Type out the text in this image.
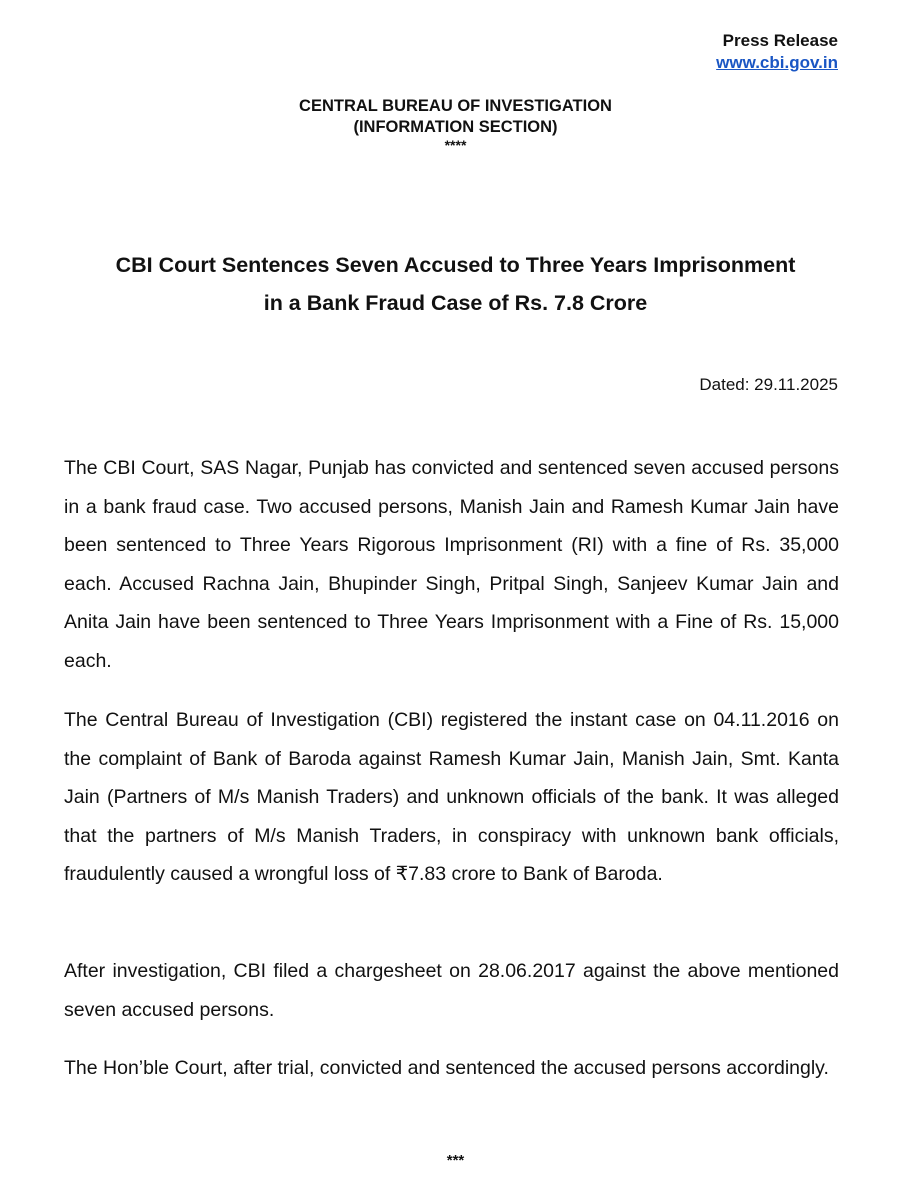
Press Release
www.cbi.gov.in
CENTRAL BUREAU OF INVESTIGATION
(INFORMATION SECTION)
****
CBI Court Sentences Seven Accused to Three Years Imprisonment
in a Bank Fraud Case of Rs. 7.8 Crore
Dated: 29.11.2025

The CBI Court, SAS Nagar, Punjab has convicted and sentenced seven accused persons in a bank fraud case. Two accused persons, Manish Jain and Ramesh Kumar Jain have been sentenced to Three Years Rigorous Imprisonment (RI) with a fine of Rs. 35,000 each. Accused Rachna Jain, Bhupinder Singh, Pritpal Singh, Sanjeev Kumar Jain and Anita Jain have been sentenced to Three Years Imprisonment with a Fine of Rs. 15,000 each.

The Central Bureau of Investigation (CBI) registered the instant case on 04.11.2016 on the complaint of Bank of Baroda against Ramesh Kumar Jain, Manish Jain, Smt. Kanta Jain (Partners of M/s Manish Traders) and unknown officials of the bank. It was alleged that the partners of M/s Manish Traders, in conspiracy with unknown bank officials, fraudulently caused a wrongful loss of ₹7.83 crore to Bank of Baroda.

After investigation, CBI filed a chargesheet on 28.06.2017 against the above mentioned seven accused persons.

The Hon’ble Court, after trial, convicted and sentenced the accused persons accordingly.

***
